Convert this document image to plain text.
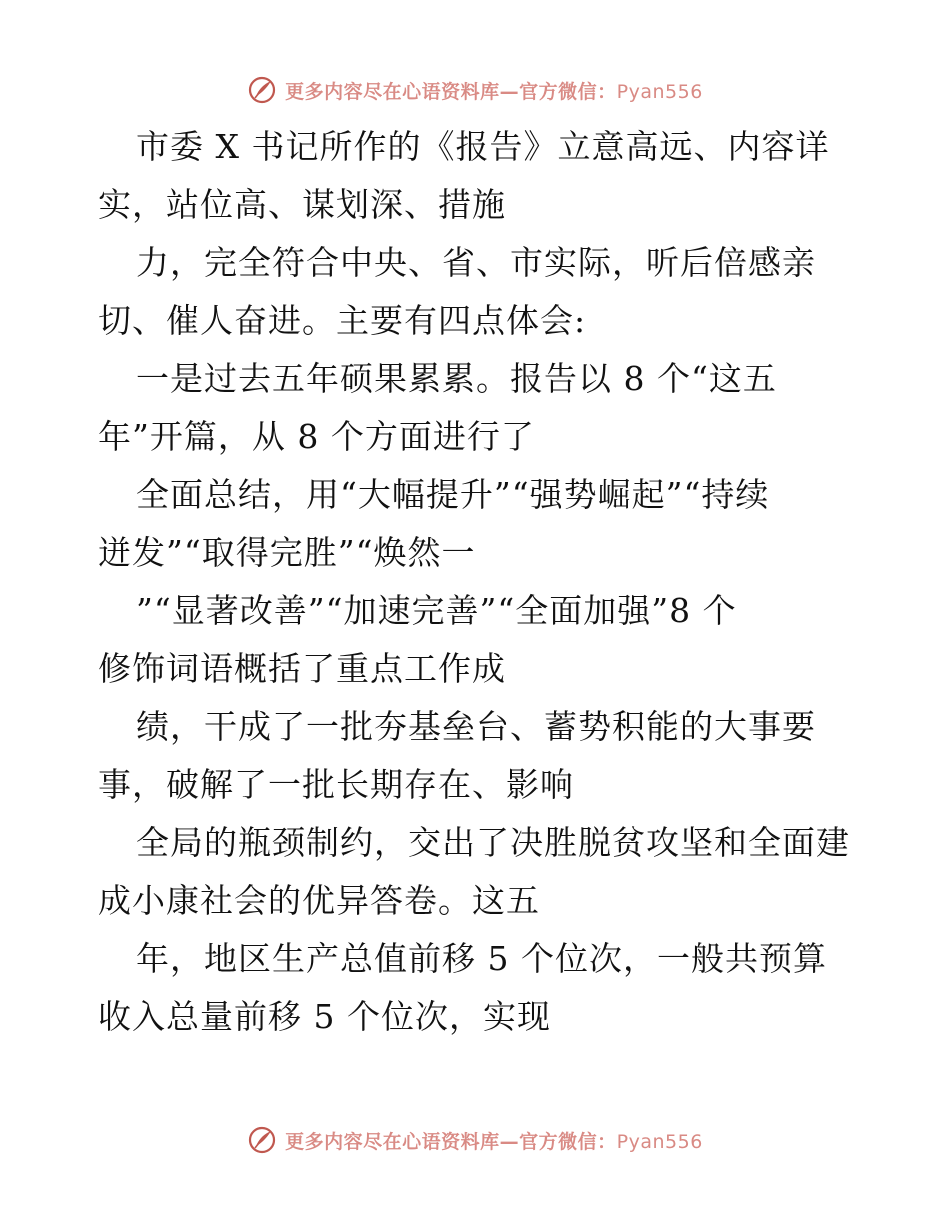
更多内容尽在心语资料库—官方微信：Pyan556
市委 X 书记所作的《报告》立意高远、内容详
实，站位高、谋划深、措施
力，完全符合中央、省、市实际，听后倍感亲
切、催人奋进。主要有四点体会:
一是过去五年硕果累累。报告以 8 个“这五
年”开篇，从 8 个方面进行了
全面总结，用“大幅提升”“强势崛起”“持续
迸发”“取得完胜”“焕然一
”“显著改善”“加速完善”“全面加强”8 个
修饰词语概括了重点工作成
绩，干成了一批夯基垒台、蓄势积能的大事要
事，破解了一批长期存在、影响
全局的瓶颈制约，交出了决胜脱贫攻坚和全面建
成小康社会的优异答卷。这五
年，地区生产总值前移 5 个位次，一般共预算
收入总量前移 5 个位次，实现
更多内容尽在心语资料库—官方微信：Pyan556
